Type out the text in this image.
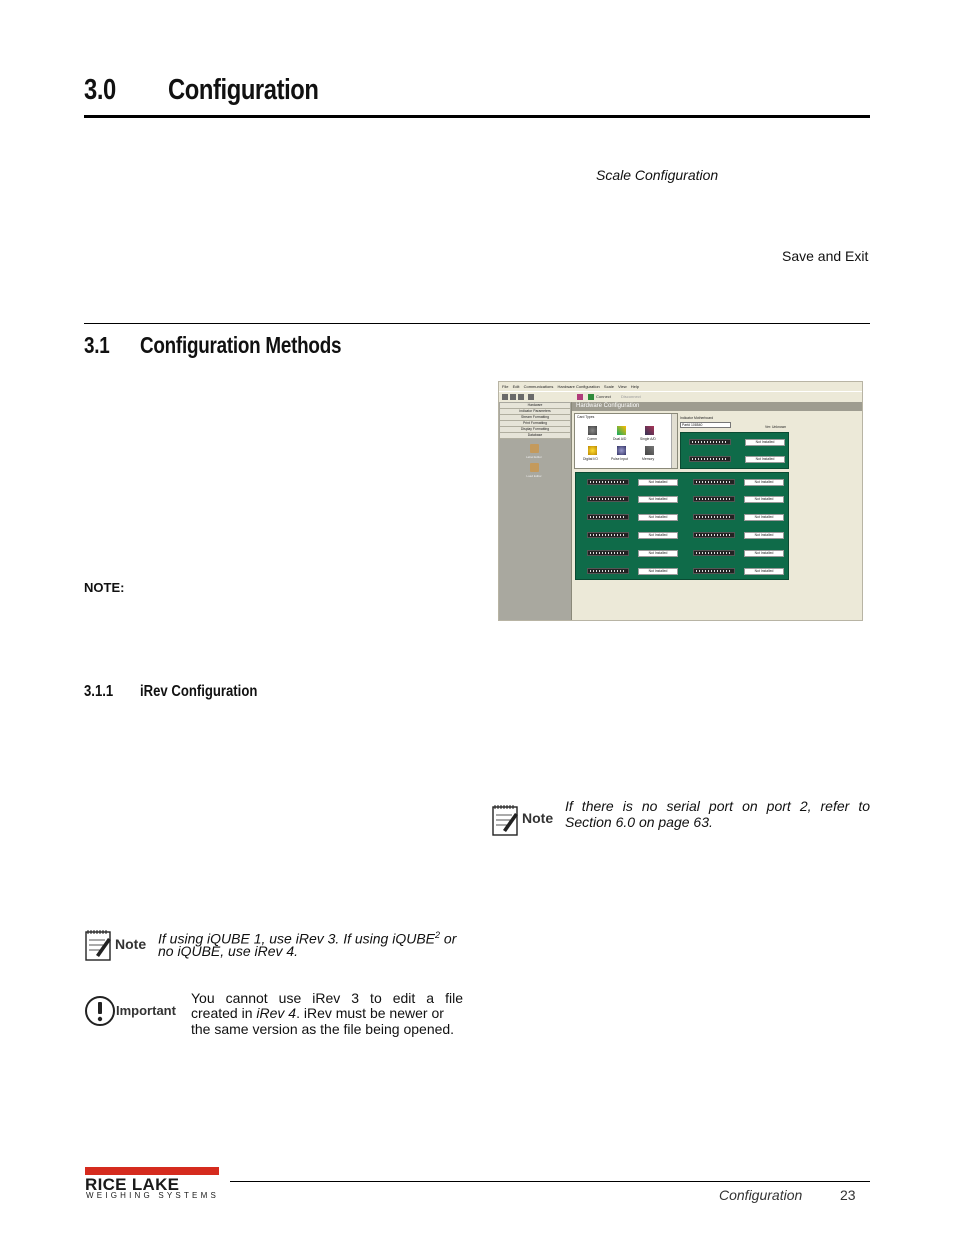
3.0 Configuration
Scale Configuration
Save and Exit
3.1 Configuration Methods
NOTE:
3.1.1 iRev Configuration
File Edit Communications Hardware Configuration Scale View Help
Connect	Disconnect
Hardware
Indicator Parameters
Stream Formatting
Print Formatting
Display Formatting
Database
Label Editor
Load Editor
Hardware Configuration
Card Types
Comm	Dual A/D	Single A/D
Digital I/O	Pulse Input	Memory
Indicator Motherboard
Part# 108540	Ver: Unknown
Not Installed
Not Installed
Not Installed	Not Installed
Not Installed	Not Installed
Not Installed	Not Installed
Not Installed	Not Installed
Not Installed	Not Installed
Not Installed	Not Installed
Note
If there is no serial port on port 2, refer to
Section 6.0 on page 63.
Note If using iQUBE 1, use iRev 3. If using iQUBE$^2$ or
no iQUBE, use iRev 4.
Important
You cannot use iRev 3 to edit a file
created in iRev 4. iRev must be newer or
the same version as the file being opened.
RICE LAKE
WEIGHING SYSTEMS	Configuration	23
